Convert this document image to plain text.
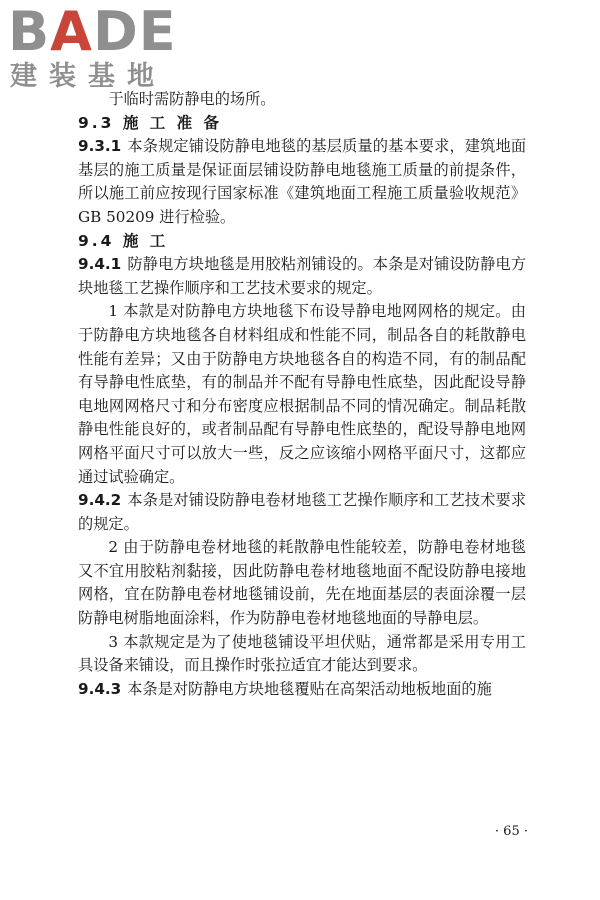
BADE
建装基地

于临时需防静电的场所。

9.3 施 工 准 备

9.3.1 本条规定铺设防静电地毯的基层质量的基本要求，建筑地面基层的施工质量是保证面层铺设防静电地毯施工质量的前提条件，所以施工前应按现行国家标准《建筑地面工程施工质量验收规范》GB 50209 进行检验。

9.4 施 工

9.4.1 防静电方块地毯是用胶粘剂铺设的。本条是对铺设防静电方块地毯工艺操作顺序和工艺技术要求的规定。

1 本款是对防静电方块地毯下布设导静电地网网格的规定。由于防静电方块地毯各自材料组成和性能不同，制品各自的耗散静电性能有差异；又由于防静电方块地毯各自的构造不同，有的制品配有导静电性底垫，有的制品并不配有导静电性底垫，因此配设导静电地网网格尺寸和分布密度应根据制品不同的情况确定。制品耗散静电性能良好的，或者制品配有导静电性底垫的，配设导静电地网网格平面尺寸可以放大一些，反之应该缩小网格平面尺寸，这都应通过试验确定。

9.4.2 本条是对铺设防静电卷材地毯工艺操作顺序和工艺技术要求的规定。

2 由于防静电卷材地毯的耗散静电性能较差，防静电卷材地毯又不宜用胶粘剂黏接，因此防静电卷材地毯地面不配设防静电接地网格，宜在防静电卷材地毯铺设前，先在地面基层的表面涂覆一层防静电树脂地面涂料，作为防静电卷材地毯地面的导静电层。

3 本款规定是为了使地毯铺设平坦伏贴，通常都是采用专用工具设备来铺设，而且操作时张拉适宜才能达到要求。

9.4.3 本条是对防静电方块地毯覆贴在高架活动地板地面的施

· 65 ·
